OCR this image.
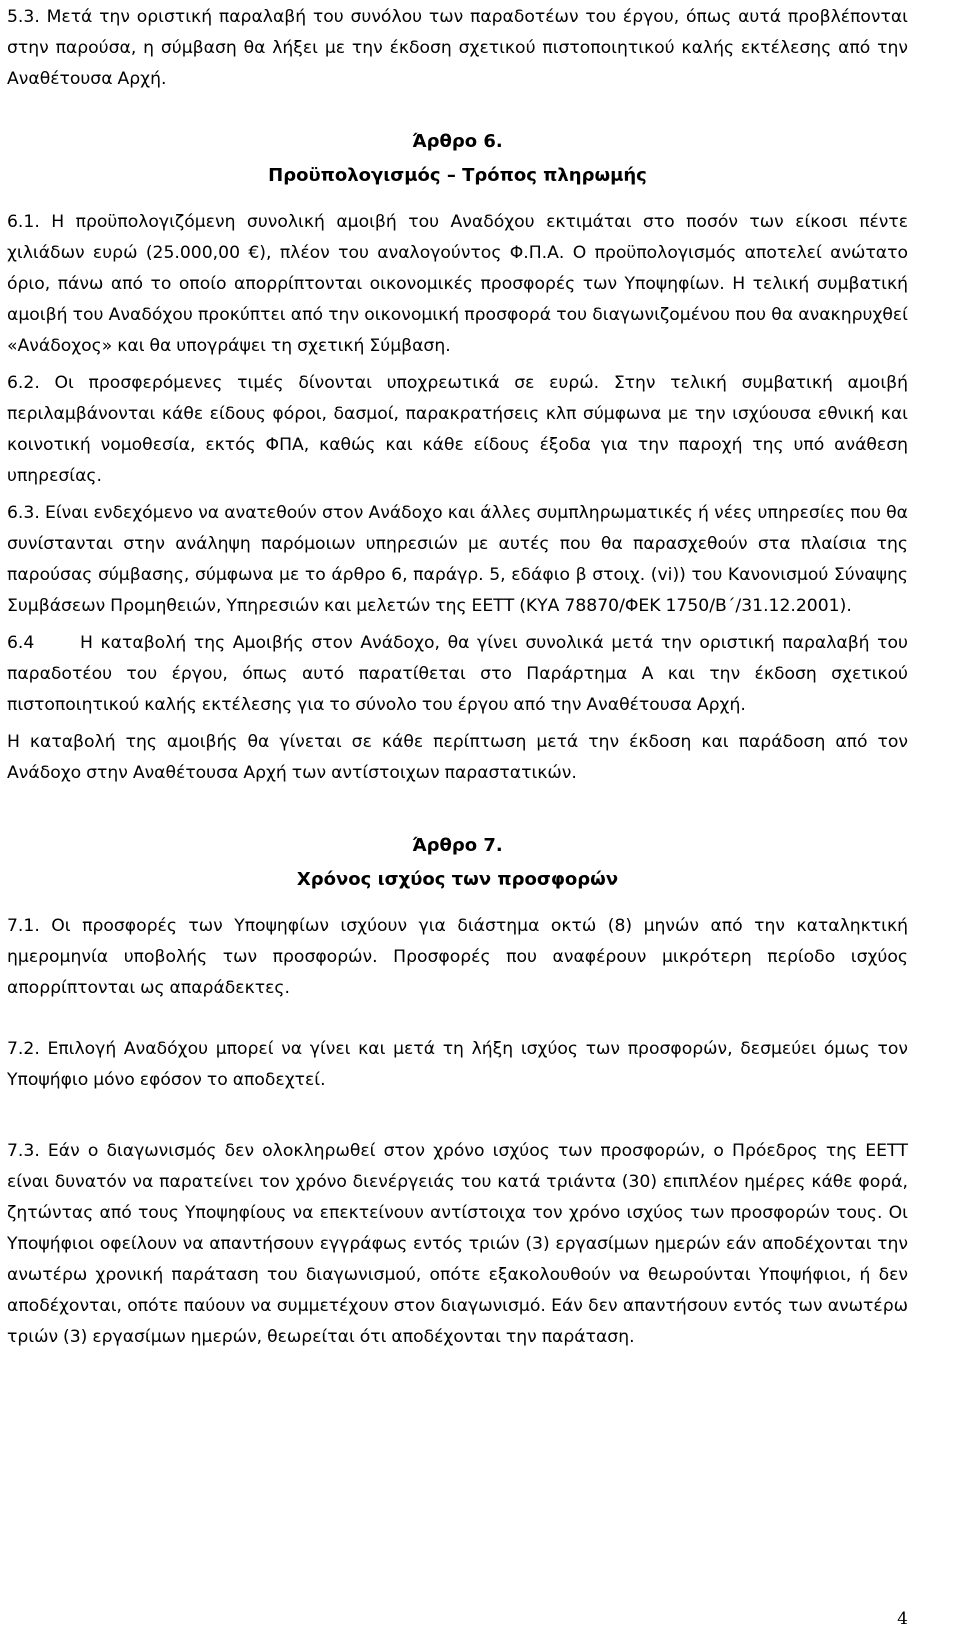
5.3. Μετά την οριστική παραλαβή του συνόλου των παραδοτέων του έργου, όπως αυτά προβλέπονται στην παρούσα, η σύμβαση θα λήξει με την έκδοση σχετικού πιστοποιητικού καλής εκτέλεσης από την Αναθέτουσα Αρχή.

Άρθρο 6.
Προϋπολογισμός – Τρόπος πληρωμής

6.1. Η προϋπολογιζόμενη συνολική αμοιβή του Αναδόχου εκτιμάται στο ποσόν των είκοσι πέντε χιλιάδων ευρώ (25.000,00 €), πλέον του αναλογούντος Φ.Π.Α. Ο προϋπολογισμός αποτελεί ανώτατο όριο, πάνω από το οποίο απορρίπτονται οικονομικές προσφορές των Υποψηφίων. Η τελική συμβατική αμοιβή του Αναδόχου προκύπτει από την οικονομική προσφορά του διαγωνιζομένου που θα ανακηρυχθεί «Ανάδοχος» και θα υπογράψει τη σχετική Σύμβαση.

6.2. Οι προσφερόμενες τιμές δίνονται υποχρεωτικά σε ευρώ. Στην τελική συμβατική αμοιβή περιλαμβάνονται κάθε είδους φόροι, δασμοί, παρακρατήσεις κλπ σύμφωνα με την ισχύουσα εθνική και κοινοτική νομοθεσία, εκτός ΦΠΑ, καθώς και κάθε είδους έξοδα για την παροχή της υπό ανάθεση υπηρεσίας.

6.3. Είναι ενδεχόμενο να ανατεθούν στον Ανάδοχο και άλλες συμπληρωματικές ή νέες υπηρεσίες που θα συνίστανται στην ανάληψη παρόμοιων υπηρεσιών με αυτές που θα παρασχεθούν στα πλαίσια της παρούσας σύμβασης, σύμφωνα με το άρθρο 6, παράγρ. 5, εδάφιο β στοιχ. (vi)) του Κανονισμού Σύναψης Συμβάσεων Προμηθειών, Υπηρεσιών και μελετών της ΕΕΤΤ (ΚΥΑ 78870/ΦΕΚ 1750/Β΄/31.12.2001).

6.4      Η καταβολή της Αμοιβής στον Ανάδοχο, θα γίνει συνολικά μετά την οριστική παραλαβή του παραδοτέου του έργου, όπως αυτό παρατίθεται στο Παράρτημα Α και την έκδοση σχετικού πιστοποιητικού καλής εκτέλεσης για το σύνολο του έργου από την Αναθέτουσα Αρχή.

Η καταβολή της αμοιβής θα γίνεται σε κάθε περίπτωση μετά την έκδοση και παράδοση από τον Ανάδοχο στην Αναθέτουσα Αρχή των αντίστοιχων παραστατικών.

Άρθρο 7.
Χρόνος ισχύος των προσφορών

7.1. Οι προσφορές των Υποψηφίων ισχύουν για διάστημα οκτώ (8) μηνών από την καταληκτική ημερομηνία υποβολής των προσφορών. Προσφορές που αναφέρουν μικρότερη περίοδο ισχύος απορρίπτονται ως απαράδεκτες.

7.2. Επιλογή Αναδόχου μπορεί να γίνει και μετά τη λήξη ισχύος των προσφορών, δεσμεύει όμως τον Υποψήφιο μόνο εφόσον το αποδεχτεί.

7.3. Εάν ο διαγωνισμός δεν ολοκληρωθεί στον χρόνο ισχύος των προσφορών, ο Πρόεδρος της ΕΕΤΤ είναι δυνατόν να παρατείνει τον χρόνο διενέργειάς του κατά τριάντα (30) επιπλέον ημέρες κάθε φορά, ζητώντας από τους Υποψηφίους να επεκτείνουν αντίστοιχα τον χρόνο ισχύος των προσφορών τους. Οι Υποψήφιοι οφείλουν να απαντήσουν εγγράφως εντός τριών (3) εργασίμων ημερών εάν αποδέχονται την ανωτέρω χρονική παράταση του διαγωνισμού, οπότε εξακολουθούν να θεωρούνται Υποψήφιοι, ή δεν αποδέχονται, οπότε παύουν να συμμετέχουν στον διαγωνισμό. Εάν δεν απαντήσουν εντός των ανωτέρω τριών (3) εργασίμων ημερών, θεωρείται ότι αποδέχονται την παράταση.

4
